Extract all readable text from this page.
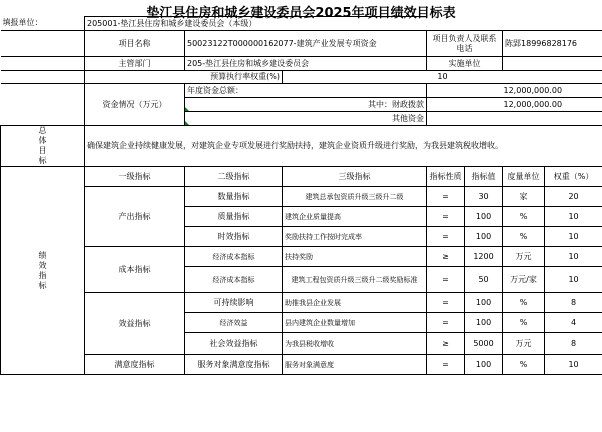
垫江县住房和城乡建设委员会2025年项目绩效目标表
填报单位：	205001-垫江县住房和城乡建设委员会（本级）						
	项目名称	50023122T000000162077-建筑产业发展专项资金		项目负责人及联系电话		陈郢18996828176	
	主管部门	205-垫江县住房和城乡建设委员会		实施单位			
	预算执行率权重(%)		10				
	资金情况（万元）	年度资金总额：		12,000,000.00			
		其中：财政拨款		12,000,000.00			
		其他资金					
总体目标	确保建筑企业持续健康发展，对建筑企业专项发展进行奖励扶持，建筑企业资质升级进行奖励，为我县建筑税收增收。						
绩效指标	一级指标	二级指标	三级指标	指标性质	指标值	度量单位	权重（%）
	产出指标	数量指标	建筑总承包资质升级三级升二级	=	30	家	20
		质量指标	建筑企业质量提高	=	100	%	10
		时效指标	奖励扶持工作按时完成率	=	100	%	10
	成本指标	经济成本指标	扶持奖励	≥	1200	万元	10
		经济成本指标	建筑工程包资质升级三级升二级奖励标准	=	50	万元/家	10
	效益指标	可持续影响	助推我县企业发展	=	100	%	8
		经济效益	县内建筑企业数量增加	=	100	%	4
		社会效益指标	为我县税收增收	≥	5000	万元	8
	满意度指标	服务对象满意度指标	服务对象满意度	=	100	%	10
